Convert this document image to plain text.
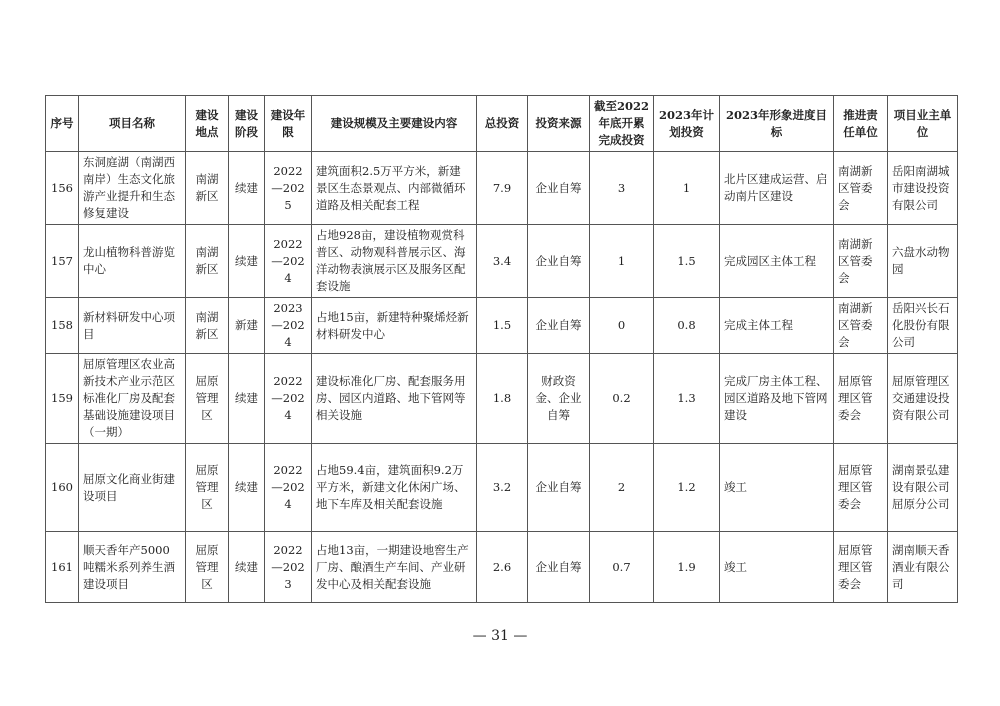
序号	项目名称	建设地点	建设阶段	建设年限	建设规模及主要建设内容	总投资	投资来源	截至2022年底开累完成投资	2023年计划投资	2023年形象进度目标	推进责任单位	项目业主单位
156	东洞庭湖（南湖西南岸）生态文化旅游产业提升和生态修复建设	南湖新区	续建	2022—2025	建筑面积2.5万平方米，新建景区生态景观点、内部微循环道路及相关配套工程	7.9	企业自筹	3	1	北片区建成运营、启动南片区建设	南湖新区管委会	岳阳南湖城市建设投资有限公司
157	龙山植物科普游览中心	南湖新区	续建	2022—2024	占地928亩，建设植物观赏科普区、动物观科普展示区、海洋动物表演展示区及服务区配套设施	3.4	企业自筹	1	1.5	完成园区主体工程	南湖新区管委会	六盘水动物园
158	新材料研发中心项目	南湖新区	新建	2023—2024	占地15亩，新建特种聚烯烃新材料研发中心	1.5	企业自筹	0	0.8	完成主体工程	南湖新区管委会	岳阳兴长石化股份有限公司
159	屈原管理区农业高新技术产业示范区标准化厂房及配套基础设施建设项目（一期）	屈原管理区	续建	2022—2024	建设标准化厂房、配套服务用房、园区内道路、地下管网等相关设施	1.8	财政资金、企业自筹	0.2	1.3	完成厂房主体工程、园区道路及地下管网建设	屈原管理区管委会	屈原管理区交通建设投资有限公司
160	屈原文化商业街建设项目	屈原管理区	续建	2022—2024	占地59.4亩，建筑面积9.2万平方米，新建文化休闲广场、地下车库及相关配套设施	3.2	企业自筹	2	1.2	竣工	屈原管理区管委会	湖南景弘建设有限公司屈原分公司
161	顺天香年产5000吨糯米系列养生酒建设项目	屈原管理区	续建	2022—2023	占地13亩，一期建设地窖生产厂房、酿酒生产车间、产业研发中心及相关配套设施	2.6	企业自筹	0.7	1.9	竣工	屈原管理区管委会	湖南顺天香酒业有限公司
— 31 —
